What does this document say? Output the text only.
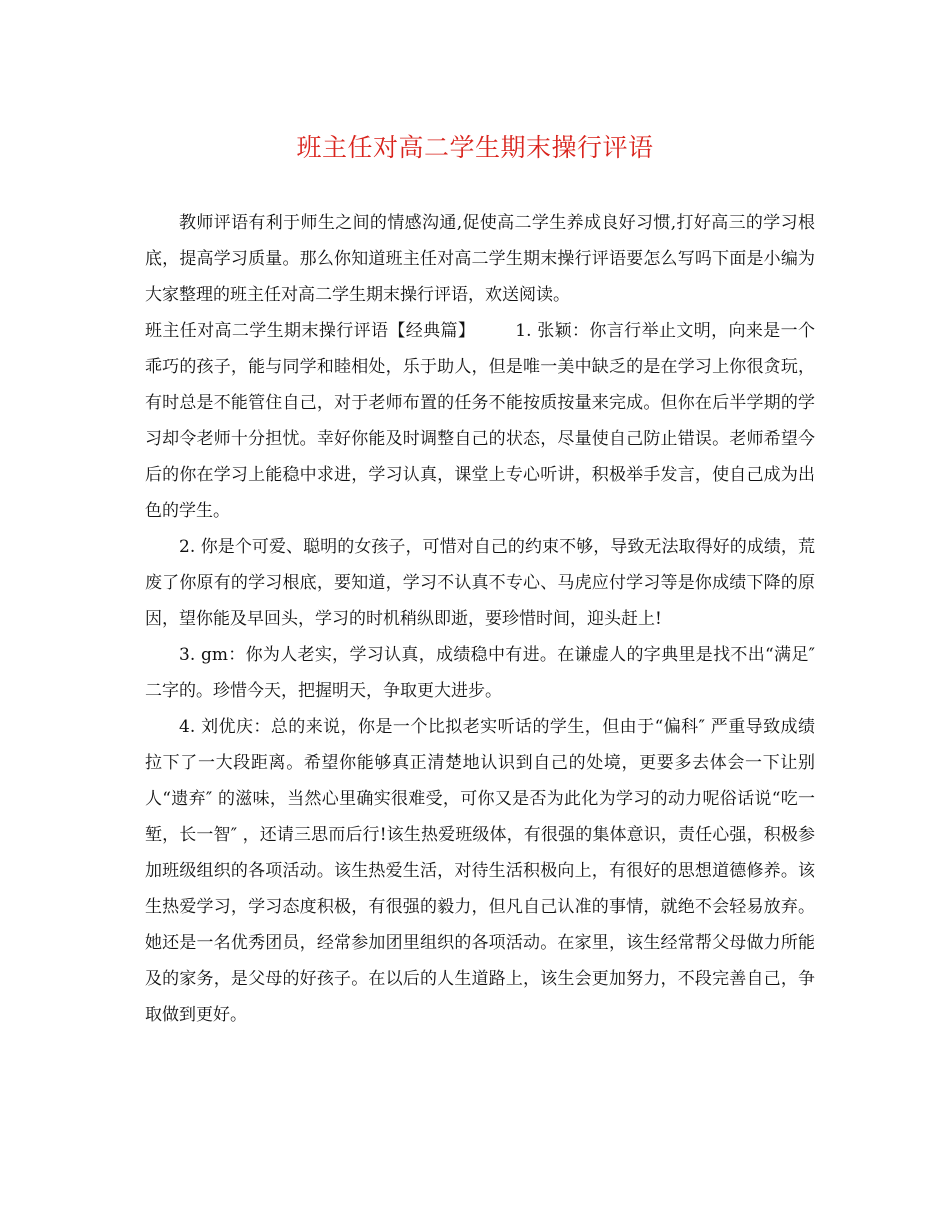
班主任对高二学生期末操行评语

教师评语有利于师生之间的情感沟通,促使高二学生养成良好习惯,打好高三的学习根底，提高学习质量。那么你知道班主任对高二学生期末操行评语要怎么写吗下面是小编为大家整理的班主任对高二学生期末操行评语，欢送阅读。

班主任对高二学生期末操行评语【经典篇】 1. 张颖：你言行举止文明，向来是一个乖巧的孩子，能与同学和睦相处，乐于助人，但是唯一美中缺乏的是在学习上你很贪玩，有时总是不能管住自己，对于老师布置的任务不能按质按量来完成。但你在后半学期的学习却令老师十分担忧。幸好你能及时调整自己的状态，尽量使自己防止错误。老师希望今后的你在学习上能稳中求进，学习认真，课堂上专心听讲，积极举手发言，使自己成为出色的学生。

2. 你是个可爱、聪明的女孩子，可惜对自己的约束不够，导致无法取得好的成绩，荒废了你原有的学习根底，要知道，学习不认真不专心、马虎应付学习等是你成绩下降的原因，望你能及早回头，学习的时机稍纵即逝，要珍惜时间，迎头赶上!

3. gm：你为人老实，学习认真，成绩稳中有进。在谦虚人的字典里是找不出“满足″ 二字的。珍惜今天，把握明天，争取更大进步。

4. 刘优庆：总的来说，你是一个比拟老实听话的学生，但由于“偏科″ 严重导致成绩拉下了一大段距离。希望你能够真正清楚地认识到自己的处境，更要多去体会一下让别人“遗弃″ 的滋味，当然心里确实很难受，可你又是否为此化为学习的动力呢俗话说“吃一堑，长一智″ ，还请三思而后行!该生热爱班级体，有很强的集体意识，责任心强，积极参加班级组织的各项活动。该生热爱生活，对待生活积极向上，有很好的思想道德修养。该生热爱学习，学习态度积极，有很强的毅力，但凡自己认准的事情，就绝不会轻易放弃。她还是一名优秀团员，经常参加团里组织的各项活动。在家里，该生经常帮父母做力所能及的家务，是父母的好孩子。在以后的人生道路上，该生会更加努力，不段完善自己，争取做到更好。
